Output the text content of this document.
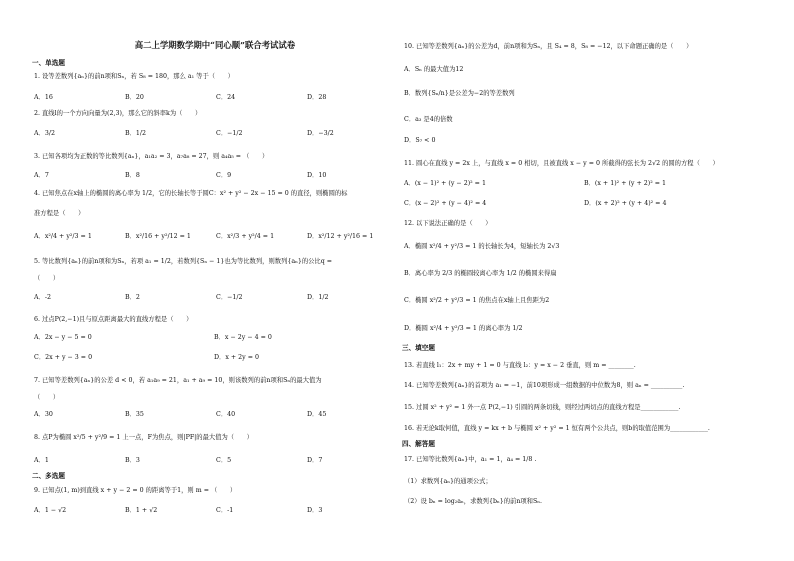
高二上学期数学期中“同心顺”联合考试试卷
一、单选题
1. 设等差数列{aₙ}的前n项和Sₙ，若 S₈ = 180，那么 a₁ 等于（　　）
A．16	B．20	C．24	D．28
2. 直线l的一个方向向量为(2,3)，那么它的斜率k为（　　）
A．3/2	B．1/2	C．−1/2	D．−3/2
3. 已知各项均为正数的等比数列{aₙ}，a₁a₂ = 3，a₇a₈ = 27，则 a₄a₅ = （　　）
A．7	B．8	C．9	D．10
4. 已知焦点在x轴上的椭圆的离心率为 1/2，它的长轴长等于圆C：x² + y² − 2x − 15 = 0 的直径，则椭圆的标
准方程是（　　）
A．x²/4 + y²/3 = 1	B．x²/16 + y²/12 = 1	C．x²/3 + y²/4 = 1	D．x²/12 + y²/16 = 1
5. 等比数列{aₙ}的前n项和为Sₙ，若项 a₁ = 1/2，若数列{Sₙ − 1}也为等比数列，则数列{aₙ}的公比q =
（　　）
A．-2	B．2	C．−1/2	D．1/2
6. 过点P(2,−1)且与原点距离最大的直线方程是（　　）
A．2x − y − 5 = 0	B．x − 2y − 4 = 0
C．2x + y − 3 = 0	D．x + 2y = 0
7. 已知等差数列{aₙ}的公差 d < 0，若 a₁a₉ = 21，a₁ + a₉ = 10，则该数列的前n项和Sₙ的最大值为
（　　）
A．30	B．35	C．40	D．45
8. 点P为椭圆 x²/5 + y²/9 = 1 上一点，F为焦点，则|PF|的最大值为（　　）
A．1	B．3	C．5	D．7
二、多选题
9. 已知点(1, m)到直线 x + y − 2 = 0 的距离等于1，则 m = （　　）
A．1 − √2	B．1 + √2	C．-1	D．3
10. 已知等差数列{aₙ}的公差为d，前n项和为Sₙ，且 S₄ = 8，S₈ = −12，以下命题正确的是（　　）
A．Sₙ 的最大值为12
B．数列{Sₙ/n}是公差为−2的等差数列
C．a₃ 是4的倍数
D．S₇ < 0
11. 圆心在直线 y = 2x 上，与直线 x = 0 相切，且被直线 x − y = 0 所截得的弦长为 2√2 的圆的方程（　　）
A．(x − 1)² + (y − 2)² = 1	B．(x + 1)² + (y + 2)² = 1
C．(x − 2)² + (y − 4)² = 4	D．(x + 2)² + (y + 4)² = 4
12. 以下说法正确的是（　　）
A．椭圆 x²/4 + y²/3 = 1 的长轴长为4，短轴长为 2√3
B．离心率为 2/3 的椭圆较离心率为 1/2 的椭圆来得扁
C．椭圆 x²/2 + y²/3 = 1 的焦点在x轴上且焦距为2
D．椭圆 x²/4 + y²/3 = 1 的离心率为 1/2
三、填空题
13. 若直线 l₁：2x + my + 1 = 0 与直线 l₂：y = x − 2 垂直，则 m = ________.
14. 已知等差数列{aₙ}的首项为 a₁ = −1，前10项形成一组数据的中位数为8，则 aₙ = __________.
15. 过圆 x² + y² = 1 外一点 P(2,−1) 引圆的两条切线，则经过两切点的直线方程是____________.
16. 若无论k取何值，直线 y = kx + b 与椭圆 x² + y² = 1 恒有两个公共点，则b的取值范围为____________.
四、解答题
17. 已知等比数列{aₙ}中，a₁ = 1，a₄ = 1/8 .
（1）求数列{aₙ}的通项公式；
（2）设 bₙ = log₂aₙ，求数列{bₙ}的前n项和Sₙ.
